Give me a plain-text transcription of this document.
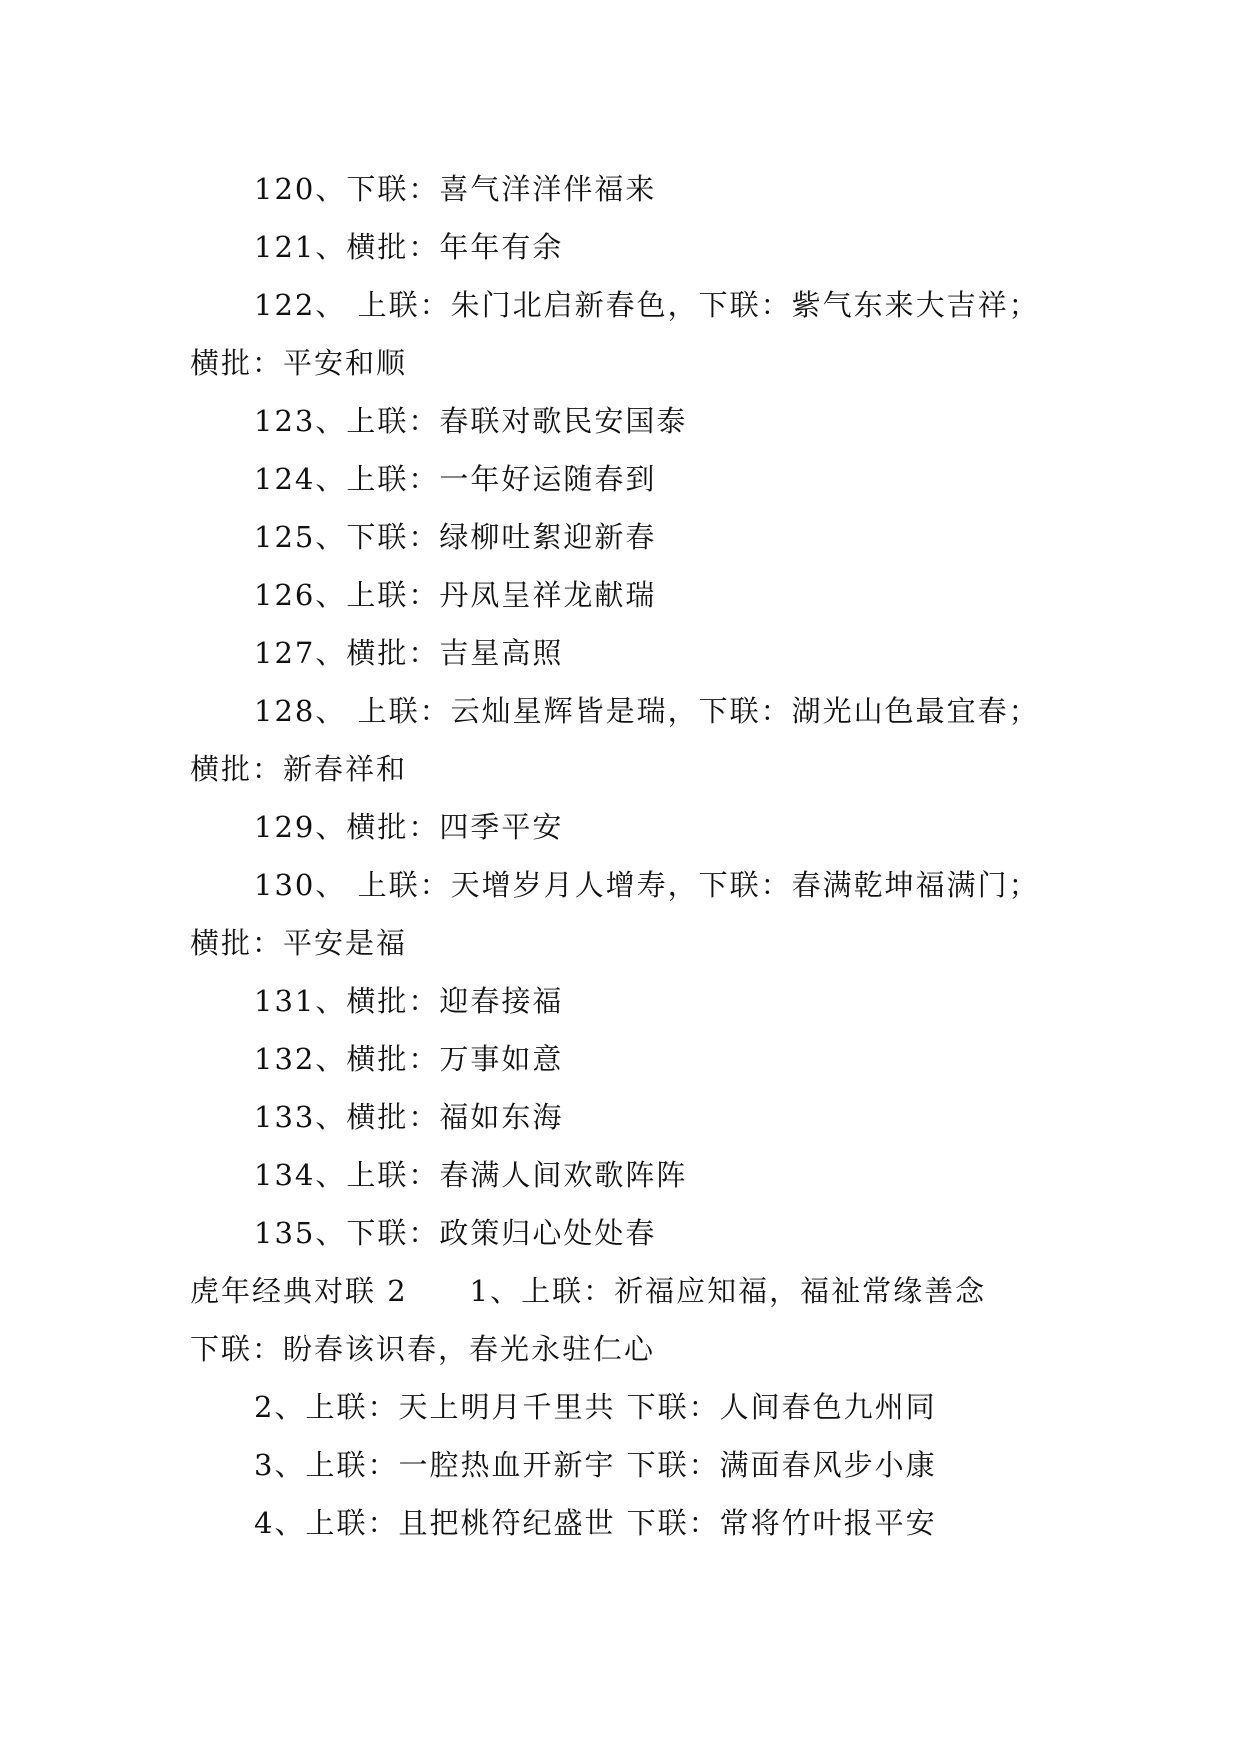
120、下联：喜气洋洋伴福来
121、横批：年年有余
122、 上联：朱门北启新春色，下联：紫气东来大吉祥；
横批：平安和顺
123、上联：春联对歌民安国泰
124、上联：一年好运随春到
125、下联：绿柳吐絮迎新春
126、上联：丹凤呈祥龙献瑞
127、横批：吉星高照
128、 上联：云灿星辉皆是瑞，下联：湖光山色最宜春；
横批：新春祥和
129、横批：四季平安
130、 上联：天增岁月人增寿，下联：春满乾坤福满门；
横批：平安是福
131、横批：迎春接福
132、横批：万事如意
133、横批：福如东海
134、上联：春满人间欢歌阵阵
135、下联：政策归心处处春
虎年经典对联 2 1、上联：祈福应知福，福祉常缘善念
下联：盼春该识春，春光永驻仁心
2、上联：天上明月千里共 下联：人间春色九州同
3、上联：一腔热血开新宇 下联：满面春风步小康
4、上联：且把桃符纪盛世 下联：常将竹叶报平安
